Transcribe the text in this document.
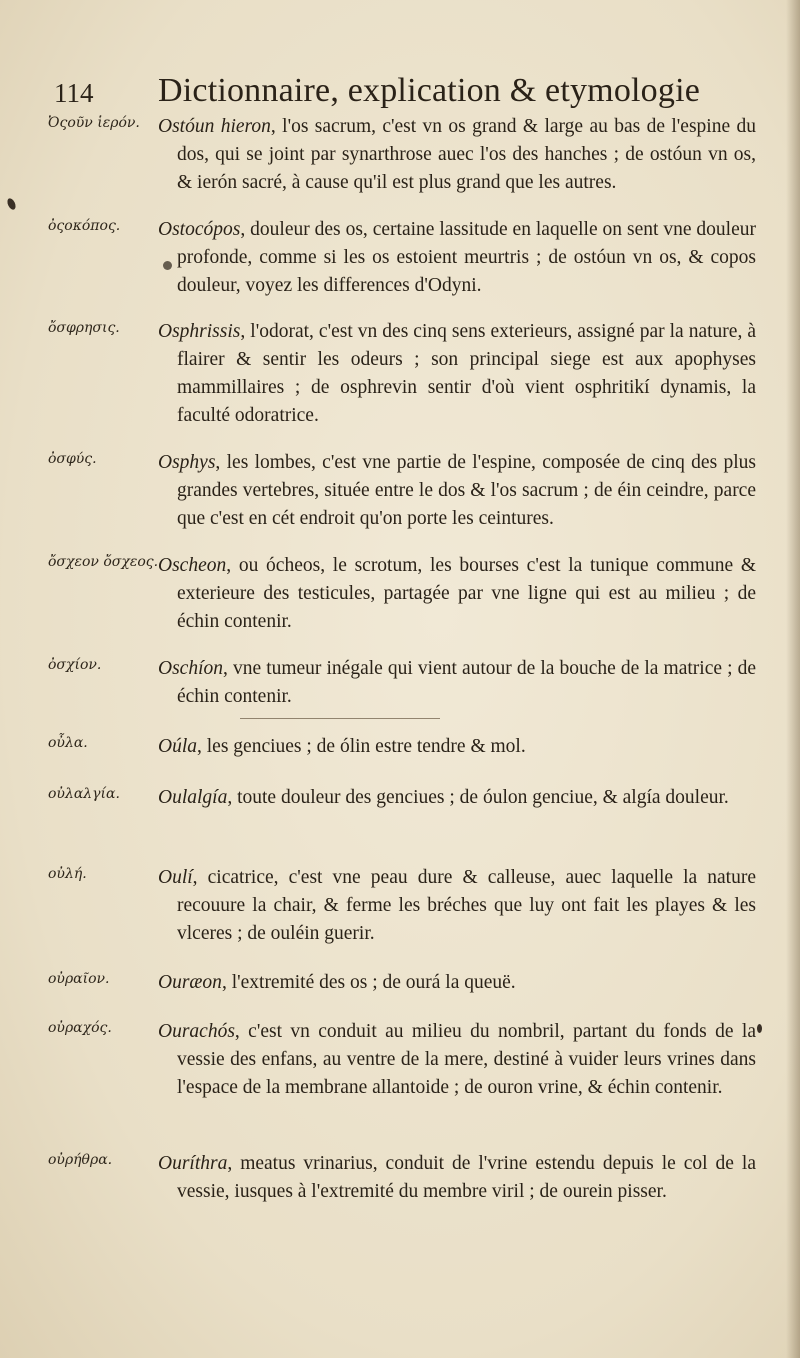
114 Dictionnaire, explication & etymologie
Ὀςοῦν ἱερόν. Ostóun hieron, l'os sacrum, c'est vn os grand & large au bas de l'espine du dos, qui se joint par synarthrose auec l'os des hanches ; de ostóun vn os, & ierón sacré, à cause qu'il est plus grand que les autres.

ὀςοκόπος.	Ostocópos, douleur des os, certaine lassitude en laquelle on sent vne douleur profonde, comme si les os estoient meurtris ; de ostóun vn os, & copos douleur, voyez les differences d'Odyni.

ὄσφρησις.	Osphrissis, l'odorat, c'est vn des cinq sens exterieurs, assigné par la nature, à flairer & sentir les odeurs ; son principal siege est aux apophyses mammillaires ; de osphrevin sentir d'où vient osphritikí dynamis, la faculté odoratrice.

ὀσφύς.	Osphys, les lombes, c'est vne partie de l'espine, composée de cinq des plus grandes vertebres, située entre le dos & l'os sacrum ; de éin ceindre, parce que c'est en cét endroit qu'on porte les ceintures.

ὄσχεον ὄσχεος. Oscheon, ou ócheos, le scrotum, les bourses c'est la tunique commune & exterieure des testicules, partagée par vne ligne qui est au milieu ; de échin contenir.

ὀσχίον.	Oschíon, vne tumeur inégale qui vient autour de la bouche de la matrice ; de échin contenir.

οὖλα.	Oúla, les genciues ; de ólin estre tendre & mol.

οὐλαλγία.	Oulalgía, toute douleur des genciues ; de óulon genciue, & algía douleur.

οὐλή.	Oulí, cicatrice, c'est vne peau dure & calleuse, auec laquelle la nature recouure la chair, & ferme les bréches que luy ont fait les playes & les vlceres ; de ouléin guerir.

οὐραῖον.	Ouræon, l'extremité des os ; de ourá la queuë.

οὐραχός.	Ourachós, c'est vn conduit au milieu du nombril, partant du fonds de la vessie des enfans, au ventre de la mere, destiné à vuider leurs vrines dans l'espace de la membrane allantoide ; de ouron vrine, & échin contenir.

οὐρήθρα.	Ouríthra, meatus vrinarius, conduit de l'vrine estendu depuis le col de la vessie, iusques à l'extremité du membre viril ; de ourein pisser.
